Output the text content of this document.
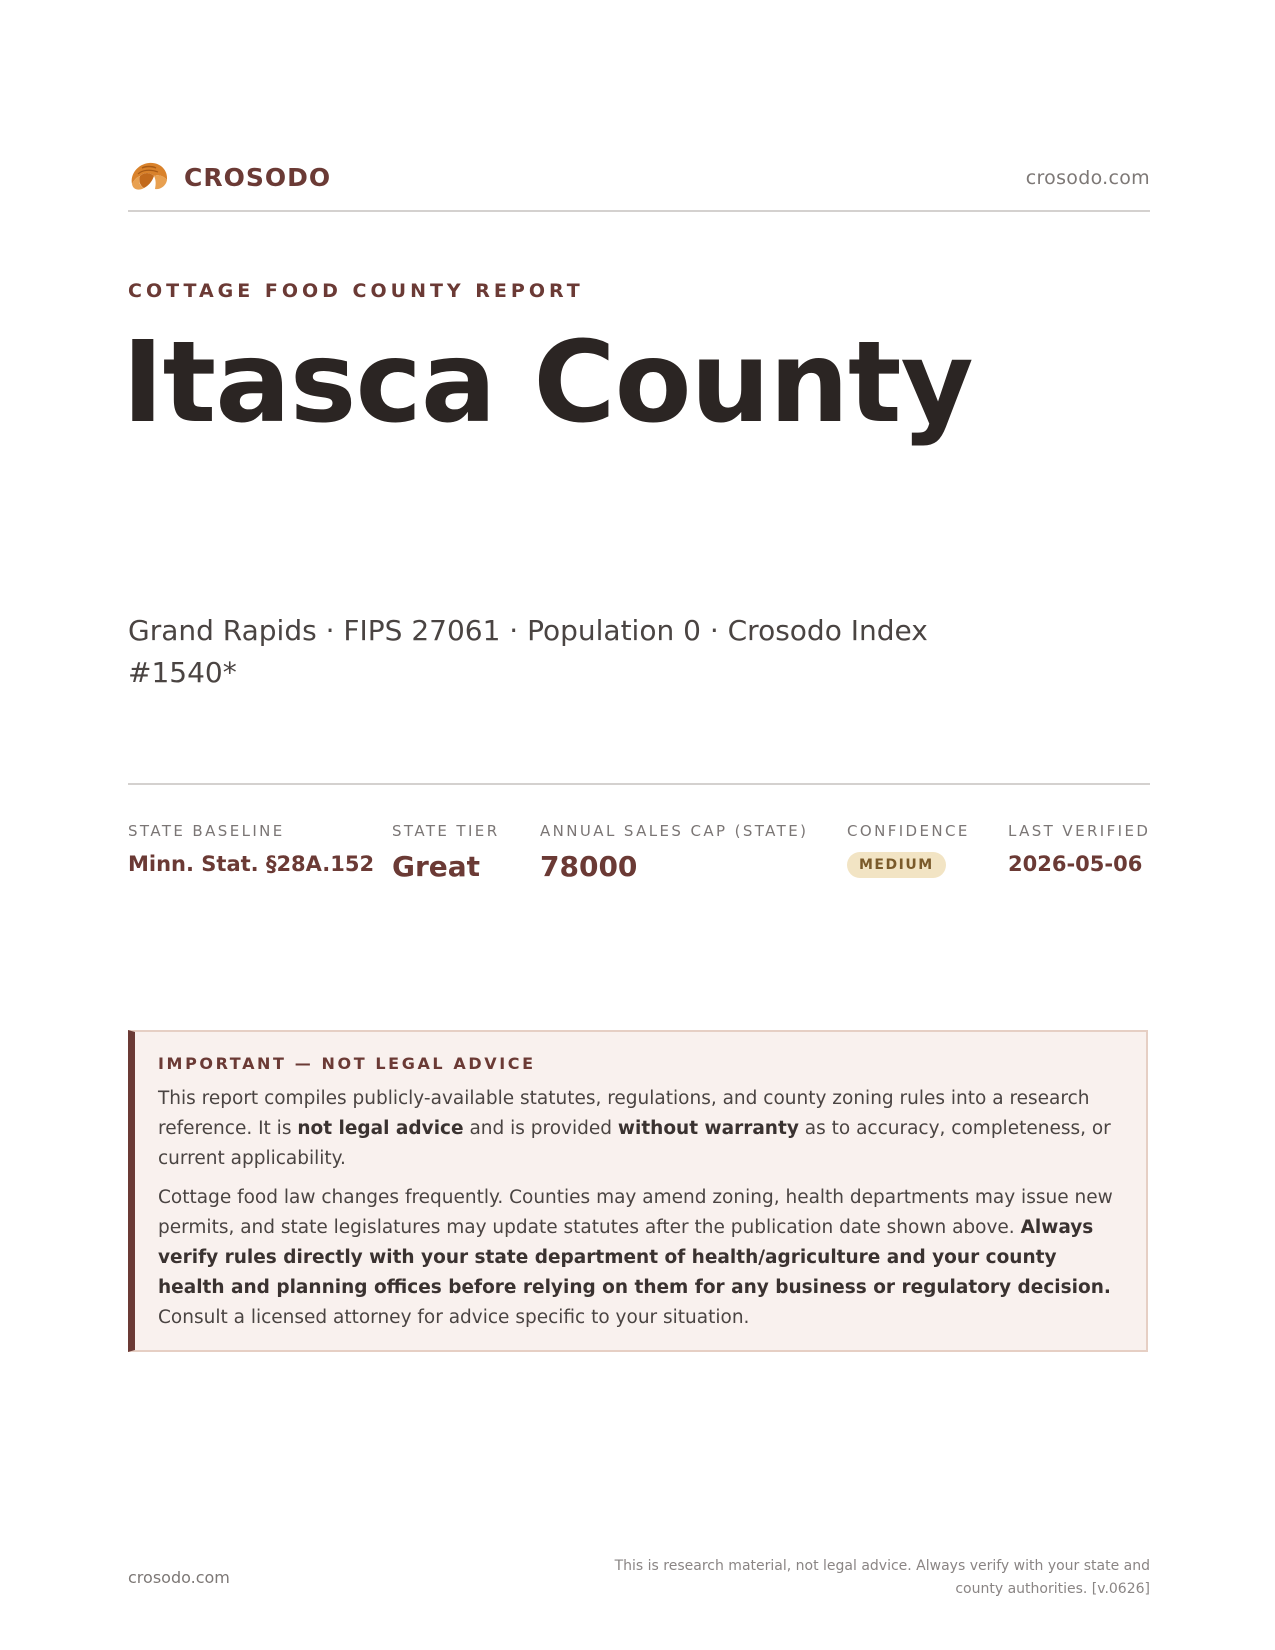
CROSODO	crosodo.com
COTTAGE FOOD COUNTY REPORT
Itasca County
Grand Rapids · FIPS 27061 · Population 0 · Crosodo Index #1540*
STATE BASELINE
Minn. Stat. §28A.152
STATE TIER
Great
ANNUAL SALES CAP (STATE)
78000
CONFIDENCE
MEDIUM
LAST VERIFIED
2026-05-06
IMPORTANT — NOT LEGAL ADVICE

This report compiles publicly-available statutes, regulations, and county zoning rules into a research reference. It is not legal advice and is provided without warranty as to accuracy, completeness, or current applicability.

Cottage food law changes frequently. Counties may amend zoning, health departments may issue new permits, and state legislatures may update statutes after the publication date shown above. Always verify rules directly with your state department of health/agriculture and your county health and planning offices before relying on them for any business or regulatory decision. Consult a licensed attorney for advice specific to your situation.

crosodo.com
This is research material, not legal advice. Always verify with your state and county authorities. [v.0626]
